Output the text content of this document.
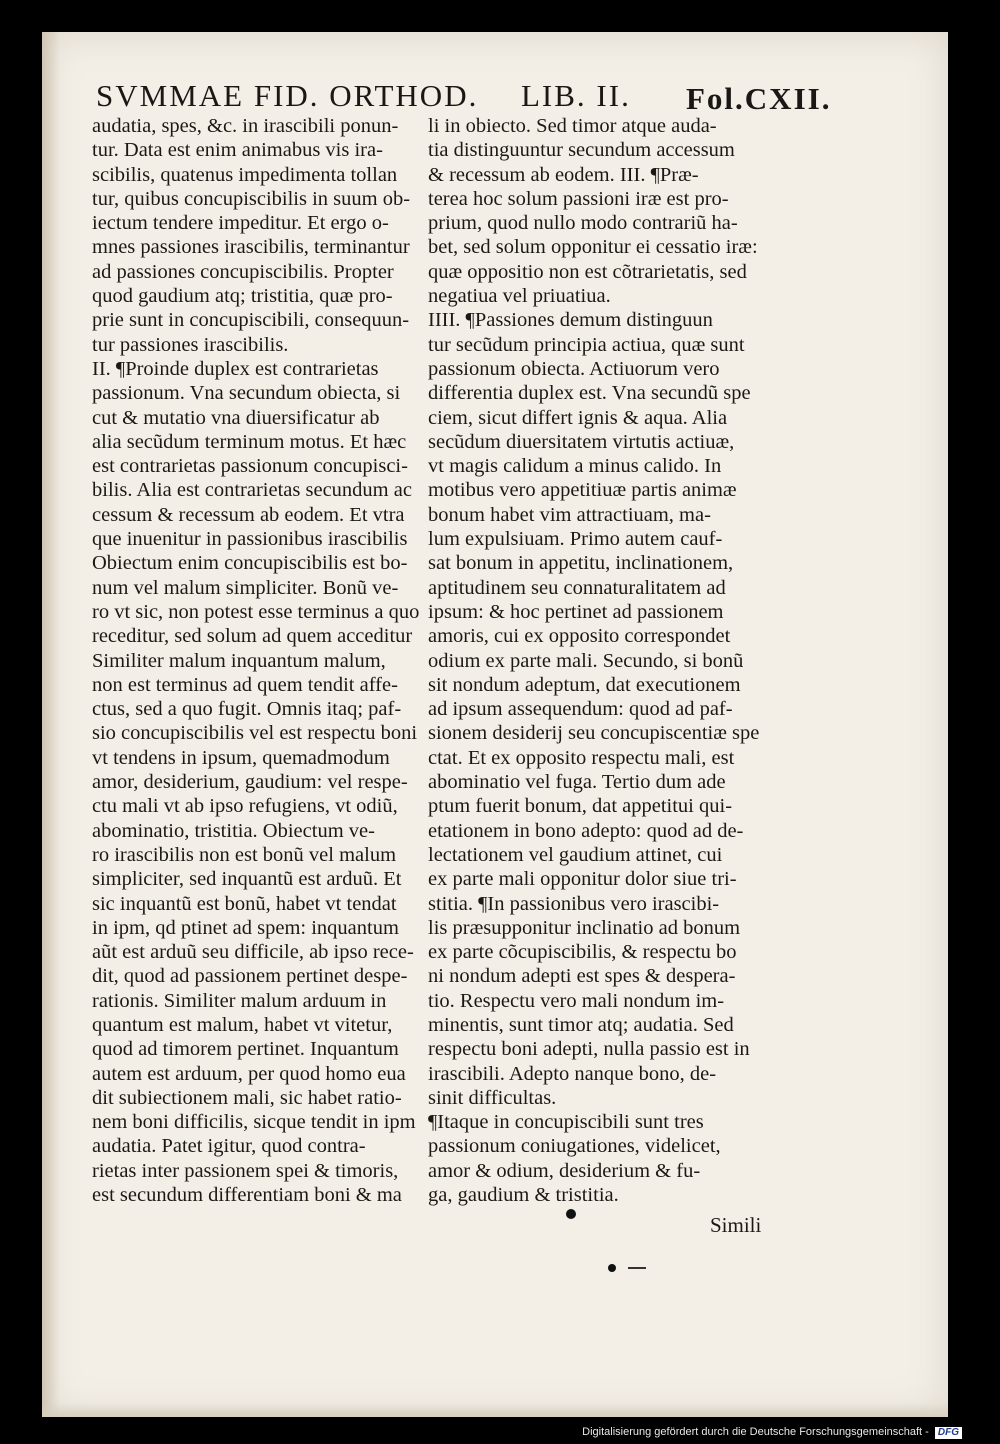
SVMMAE FID. ORTHOD. LIB. II. Fol.CXII.
audatia, spes, &c. in irascibili ponun-
tur. Data est enim animabus vis ira-
scibilis, quatenus impedimenta tollan
tur, quibus concupiscibilis in suum ob-
iectum tendere impeditur. Et ergo o-
mnes passiones irascibilis, terminantur
ad passiones concupiscibilis. Propter
quod gaudium atq; tristitia, quæ pro-
prie sunt in concupiscibili, consequun-
tur passiones irascibilis.
II. ¶Proinde duplex est contrarietas
passionum. Vna secundum obiecta, si
cut & mutatio vna diuersificatur ab
alia secũdum terminum motus. Et hæc
est contrarietas passionum concupisci-
bilis. Alia est contrarietas secundum ac
cessum & recessum ab eodem. Et vtra
que inuenitur in passionibus irascibilis
Obiectum enim concupiscibilis est bo-
num vel malum simpliciter. Bonũ ve-
ro vt sic, non potest esse terminus a quo
receditur, sed solum ad quem acceditur
Similiter malum inquantum malum,
non est terminus ad quem tendit affe-
ctus, sed a quo fugit. Omnis itaq; paf-
sio concupiscibilis vel est respectu boni
vt tendens in ipsum, quemadmodum
amor, desiderium, gaudium: vel respe-
ctu mali vt ab ipso refugiens, vt odiũ,
abominatio, tristitia. Obiectum ve-
ro irascibilis non est bonũ vel malum
simpliciter, sed inquantũ est arduũ. Et
sic inquantũ est bonũ, habet vt tendat
in ipm, qd ptinet ad spem: inquantum
aũt est arduũ seu difficile, ab ipso rece-
dit, quod ad passionem pertinet despe-
rationis. Similiter malum arduum in
quantum est malum, habet vt vitetur,
quod ad timorem pertinet. Inquantum
autem est arduum, per quod homo eua
dit subiectionem mali, sic habet ratio-
nem boni difficilis, sicque tendit in ipm
audatia. Patet igitur, quod contra-
rietas inter passionem spei & timoris,
est secundum differentiam boni & ma
li in obiecto. Sed timor atque auda-
tia distinguuntur secundum accessum
& recessum ab eodem. III. ¶Præ-
terea hoc solum passioni iræ est pro-
prium, quod nullo modo contrariũ ha-
bet, sed solum opponitur ei cessatio iræ:
quæ oppositio non est cõtrarietatis, sed
negatiua vel priuatiua.
IIII. ¶Passiones demum distinguun
tur secũdum principia actiua, quæ sunt
passionum obiecta. Actiuorum vero
differentia duplex est. Vna secundũ spe
ciem, sicut differt ignis & aqua. Alia
secũdum diuersitatem virtutis actiuæ,
vt magis calidum a minus calido. In
motibus vero appetitiuæ partis animæ
bonum habet vim attractiuam, ma-
lum expulsiuam. Primo autem cauf-
sat bonum in appetitu, inclinationem,
aptitudinem seu connaturalitatem ad
ipsum: & hoc pertinet ad passionem
amoris, cui ex opposito correspondet
odium ex parte mali. Secundo, si bonũ
sit nondum adeptum, dat executionem
ad ipsum assequendum: quod ad paf-
sionem desiderij seu concupiscentiæ spe
ctat. Et ex opposito respectu mali, est
abominatio vel fuga. Tertio dum ade
ptum fuerit bonum, dat appetitui qui-
etationem in bono adepto: quod ad de-
lectationem vel gaudium attinet, cui
ex parte mali opponitur dolor siue tri-
stitia. ¶In passionibus vero irascibi-
lis præsupponitur inclinatio ad bonum
ex parte cõcupiscibilis, & respectu bo
ni nondum adepti est spes & despera-
tio. Respectu vero mali nondum im-
minentis, sunt timor atq; audatia. Sed
respectu boni adepti, nulla passio est in
irascibili. Adepto nanque bono, de-
sinit difficultas.
¶Itaque in concupiscibili sunt tres
passionum coniugationes, videlicet,
amor & odium, desiderium & fu-
ga, gaudium & tristitia.
Simili
Digitalisierung gefördert durch die Deutsche Forschungsgemeinschaft - DFG
